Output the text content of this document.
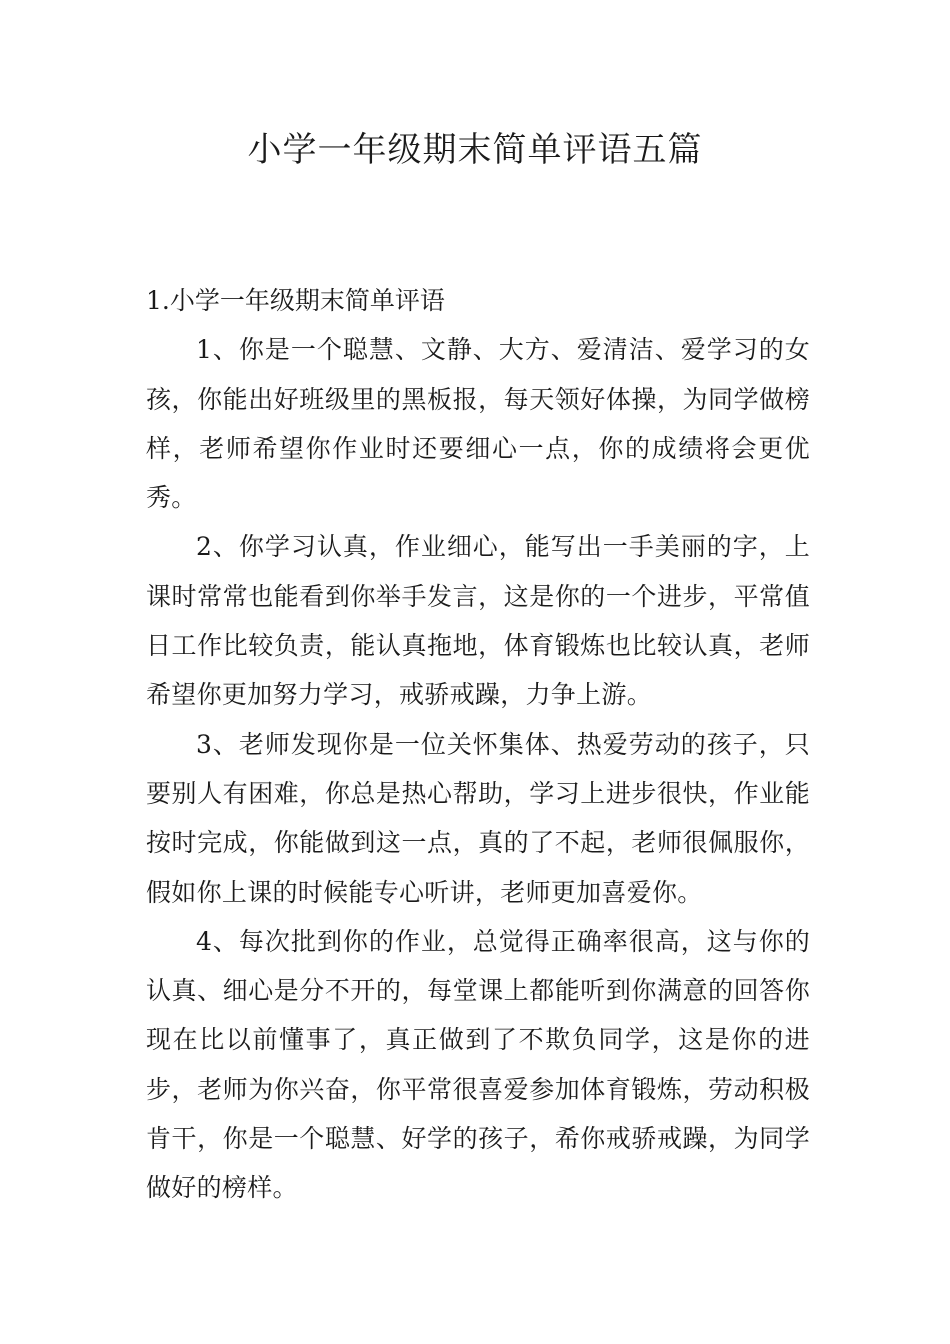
小学一年级期末简单评语五篇
1.小学一年级期末简单评语

1、你是一个聪慧、文静、大方、爱清洁、爱学习的女孩，你能出好班级里的黑板报，每天领好体操，为同学做榜样，老师希望你作业时还要细心一点，你的成绩将会更优秀。

2、你学习认真，作业细心，能写出一手美丽的字，上课时常常也能看到你举手发言，这是你的一个进步，平常值日工作比较负责，能认真拖地，体育锻炼也比较认真，老师希望你更加努力学习，戒骄戒躁，力争上游。

3、老师发现你是一位关怀集体、热爱劳动的孩子，只要别人有困难，你总是热心帮助，学习上进步很快，作业能按时完成，你能做到这一点，真的了不起，老师很佩服你，假如你上课的时候能专心听讲，老师更加喜爱你。

4、每次批到你的作业，总觉得正确率很高，这与你的认真、细心是分不开的，每堂课上都能听到你满意的回答你现在比以前懂事了，真正做到了不欺负同学，这是你的进步，老师为你兴奋，你平常很喜爱参加体育锻炼，劳动积极肯干，你是一个聪慧、好学的孩子，希你戒骄戒躁，为同学做好的榜样。
